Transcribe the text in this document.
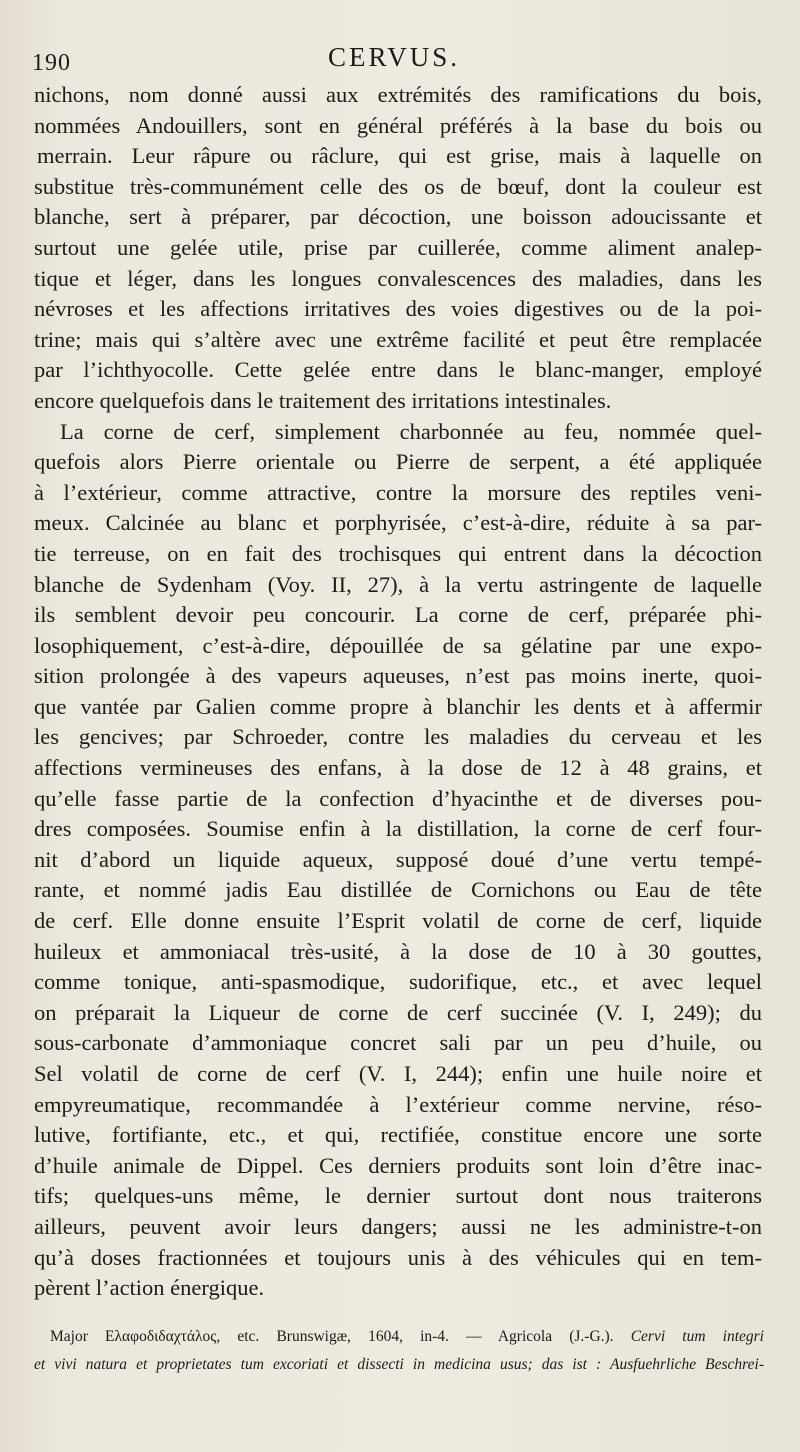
190	CERVUS.
nichons, nom donné aussi aux extrémités des ramifications du bois,
nommées Andouillers, sont en général préférés à la base du bois ou
merrain. Leur râpure ou râclure, qui est grise, mais à laquelle on
substitue très-communément celle des os de bœuf, dont la couleur est
blanche, sert à préparer, par décoction, une boisson adoucissante et
surtout une gelée utile, prise par cuillerée, comme aliment analep-
tique et léger, dans les longues convalescences des maladies, dans les
névroses et les affections irritatives des voies digestives ou de la poi-
trine; mais qui s’altère avec une extrême facilité et peut être remplacée
par l’ichthyocolle. Cette gelée entre dans le blanc-manger, employé
encore quelquefois dans le traitement des irritations intestinales.
La corne de cerf, simplement charbonnée au feu, nommée quel-
quefois alors Pierre orientale ou Pierre de serpent, a été appliquée
à l’extérieur, comme attractive, contre la morsure des reptiles veni-
meux. Calcinée au blanc et porphyrisée, c’est-à-dire, réduite à sa par-
tie terreuse, on en fait des trochisques qui entrent dans la décoction
blanche de Sydenham (Voy. II, 27), à la vertu astringente de laquelle
ils semblent devoir peu concourir. La corne de cerf, préparée phi-
losophiquement, c’est-à-dire, dépouillée de sa gélatine par une expo-
sition prolongée à des vapeurs aqueuses, n’est pas moins inerte, quoi-
que vantée par Galien comme propre à blanchir les dents et à affermir
les gencives; par Schroeder, contre les maladies du cerveau et les
affections vermineuses des enfans, à la dose de 12 à 48 grains, et
qu’elle fasse partie de la confection d’hyacinthe et de diverses pou-
dres composées. Soumise enfin à la distillation, la corne de cerf four-
nit d’abord un liquide aqueux, supposé doué d’une vertu tempé-
rante, et nommé jadis Eau distillée de Cornichons ou Eau de tête
de cerf. Elle donne ensuite l’Esprit volatil de corne de cerf, liquide
huileux et ammoniacal très-usité, à la dose de 10 à 30 gouttes,
comme tonique, anti-spasmodique, sudorifique, etc., et avec lequel
on préparait la Liqueur de corne de cerf succinée (V. I, 249); du
sous-carbonate d’ammoniaque concret sali par un peu d’huile, ou
Sel volatil de corne de cerf (V. I, 244); enfin une huile noire et
empyreumatique, recommandée à l’extérieur comme nervine, réso-
lutive, fortifiante, etc., et qui, rectifiée, constitue encore une sorte
d’huile animale de Dippel. Ces derniers produits sont loin d’être inac-
tifs; quelques-uns même, le dernier surtout dont nous traiterons
ailleurs, peuvent avoir leurs dangers; aussi ne les administre-t-on
qu’à doses fractionnées et toujours unis à des véhicules qui en tem-
pèrent l’action énergique.
Major Ελαφοδιδαχτάλος, etc. Brunswigæ, 1604, in-4. — Agricola (J.-G.). Cervi tum integri
et vivi natura et proprietates tum excoriati et dissecti in medicina usus; das ist : Ausfuehrliche Beschrei-
